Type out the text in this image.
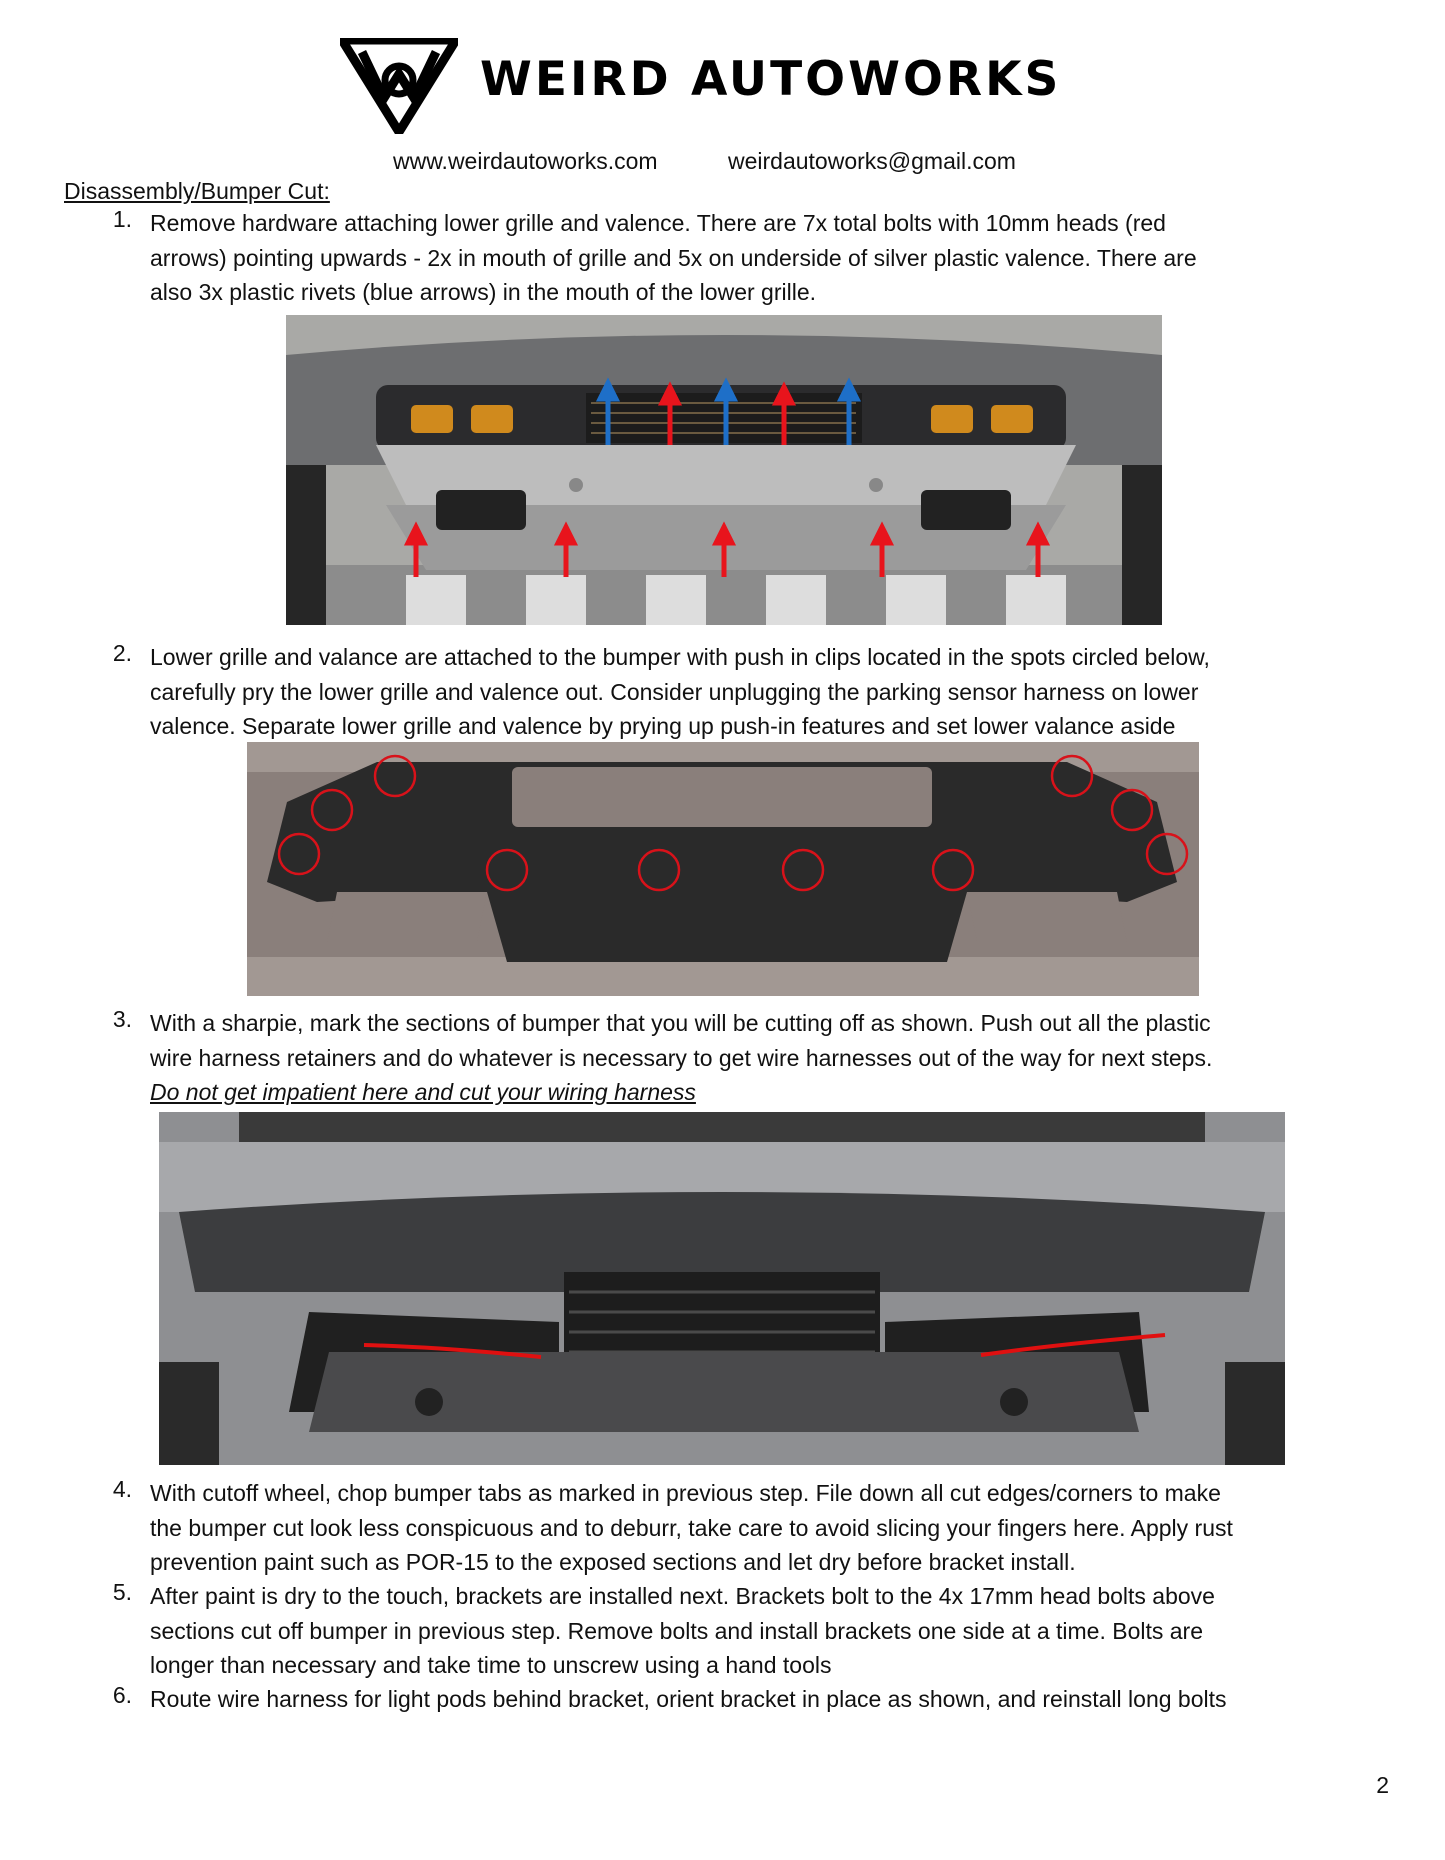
WEIRD AUTOWORKS
www.weirdautoworks.com	weirdautoworks@gmail.com
Disassembly/Bumper Cut:
1. Remove hardware attaching lower grille and valence. There are 7x total bolts with 10mm heads (red
arrows) pointing upwards - 2x in mouth of grille and 5x on underside of silver plastic valence. There are
also 3x plastic rivets (blue arrows) in the mouth of the lower grille.
2. Lower grille and valance are attached to the bumper with push in clips located in the spots circled below,
carefully pry the lower grille and valence out. Consider unplugging the parking sensor harness on lower
valence. Separate lower grille and valence by prying up push-in features and set lower valance aside
3. With a sharpie, mark the sections of bumper that you will be cutting off as shown. Push out all the plastic
wire harness retainers and do whatever is necessary to get wire harnesses out of the way for next steps.
Do not get impatient here and cut your wiring harness
4. With cutoff wheel, chop bumper tabs as marked in previous step. File down all cut edges/corners to make
the bumper cut look less conspicuous and to deburr, take care to avoid slicing your fingers here. Apply rust
prevention paint such as POR-15 to the exposed sections and let dry before bracket install.
5. After paint is dry to the touch, brackets are installed next. Brackets bolt to the 4x 17mm head bolts above
sections cut off bumper in previous step. Remove bolts and install brackets one side at a time. Bolts are
longer than necessary and take time to unscrew using a hand tools
6. Route wire harness for light pods behind bracket, orient bracket in place as shown, and reinstall long bolts
2
